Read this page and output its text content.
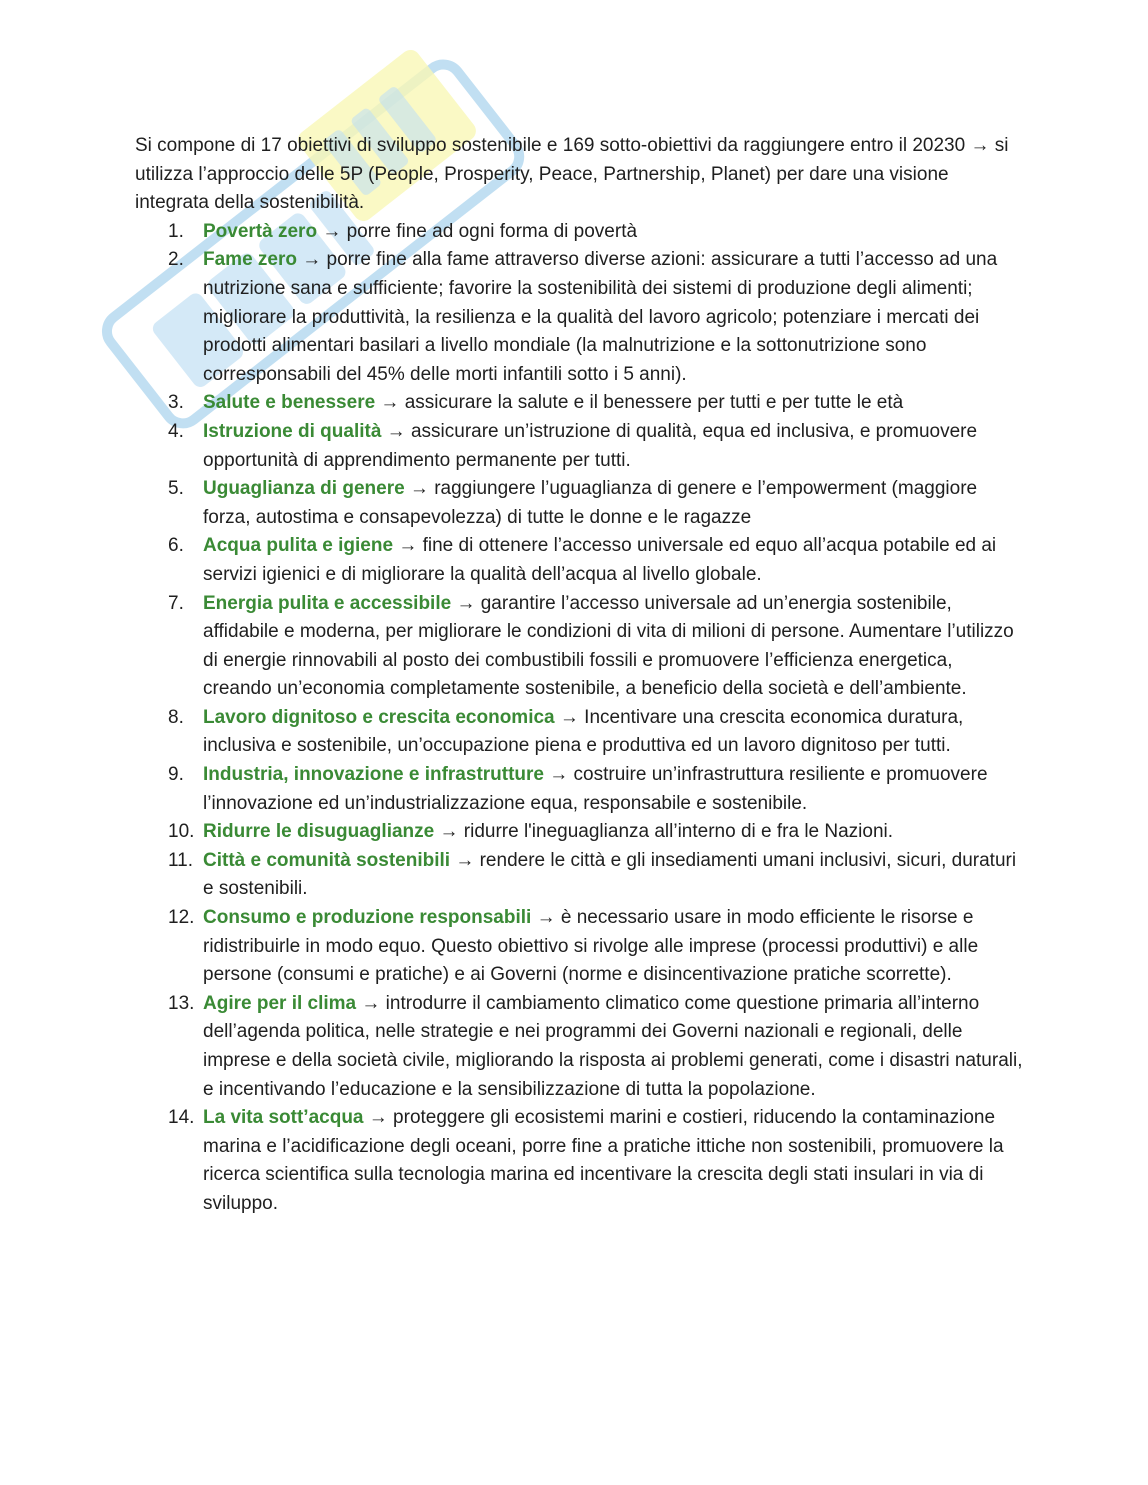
Si compone di 17 obiettivi di sviluppo sostenibile e 169 sotto-obiettivi da raggiungere entro il 20230 → si utilizza l’approccio delle 5P (People, Prosperity, Peace, Partnership, Planet) per dare una visione integrata della sostenibilità.

1.	Povertà zero → porre fine ad ogni forma di povertà
2.	Fame zero → porre fine alla fame attraverso diverse azioni: assicurare a tutti l’accesso ad una nutrizione sana e sufficiente; favorire la sostenibilità dei sistemi di produzione degli alimenti; migliorare la produttività, la resilienza e la qualità del lavoro agricolo; potenziare i mercati dei prodotti alimentari basilari a livello mondiale (la malnutrizione e la sottonutrizione sono corresponsabili del 45% delle morti infantili sotto i 5 anni).
3.	Salute e benessere → assicurare la salute e il benessere per tutti e per tutte le età
4.	Istruzione di qualità → assicurare un’istruzione di qualità, equa ed inclusiva, e promuovere opportunità di apprendimento permanente per tutti.
5.	Uguaglianza di genere → raggiungere l’uguaglianza di genere e l’empowerment (maggiore forza, autostima e consapevolezza) di tutte le donne e le ragazze
6.	Acqua pulita e igiene → fine di ottenere l’accesso universale ed equo all’acqua potabile ed ai servizi igienici e di migliorare la qualità dell’acqua al livello globale.
7.	Energia pulita e accessibile → garantire l’accesso universale ad un’energia sostenibile, affidabile e moderna, per migliorare le condizioni di vita di milioni di persone. Aumentare l’utilizzo di energie rinnovabili al posto dei combustibili fossili e promuovere l’efficienza energetica, creando un’economia completamente sostenibile, a beneficio della società e dell’ambiente.
8.	Lavoro dignitoso e crescita economica → Incentivare una crescita economica duratura, inclusiva e sostenibile, un’occupazione piena e produttiva ed un lavoro dignitoso per tutti.
9.	Industria, innovazione e infrastrutture → costruire un’infrastruttura resiliente e promuovere l’innovazione ed un’industrializzazione equa, responsabile e sostenibile.
10. Ridurre le disuguaglianze → ridurre l'ineguaglianza all’interno di e fra le Nazioni.
11. Città e comunità sostenibili → rendere le città e gli insediamenti umani inclusivi, sicuri, duraturi e sostenibili.
12. Consumo e produzione responsabili → è necessario usare in modo efficiente le risorse e ridistribuirle in modo equo. Questo obiettivo si rivolge alle imprese (processi produttivi) e alle persone (consumi e pratiche) e ai Governi (norme e disincentivazione pratiche scorrette).
13. Agire per il clima → introdurre il cambiamento climatico come questione primaria all’interno dell’agenda politica, nelle strategie e nei programmi dei Governi nazionali e regionali, delle imprese e della società civile, migliorando la risposta ai problemi generati, come i disastri naturali, e incentivando l’educazione e la sensibilizzazione di tutta la popolazione.
14. La vita sott’acqua → proteggere gli ecosistemi marini e costieri, riducendo la contaminazione marina e l’acidificazione degli oceani, porre fine a pratiche ittiche non sostenibili, promuovere la ricerca scientifica sulla tecnologia marina ed incentivare la crescita degli stati insulari in via di sviluppo.
